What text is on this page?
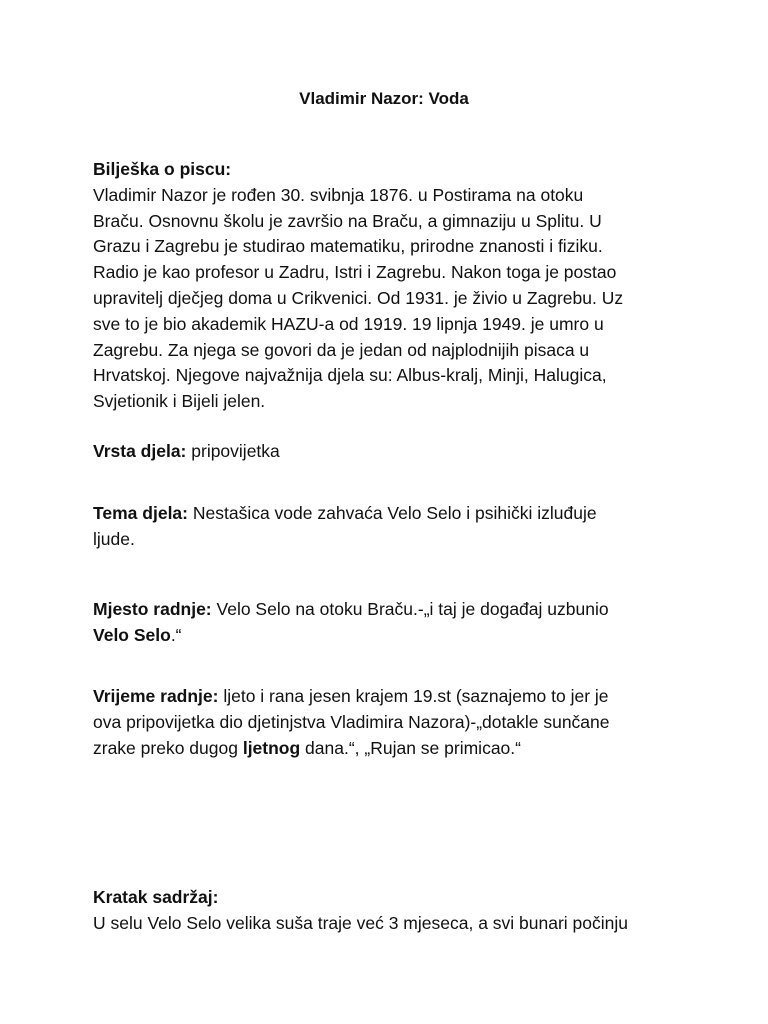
Vladimir Nazor: Voda
Bilješka o piscu:
Vladimir Nazor je rođen 30. svibnja 1876. u Postirama na otoku
Braču. Osnovnu školu je završio na Braču, a gimnaziju u Splitu. U
Grazu i Zagrebu je studirao matematiku, prirodne znanosti i fiziku.
Radio je kao profesor u Zadru, Istri i Zagrebu. Nakon toga je postao
upravitelj dječjeg doma u Crikvenici. Od 1931. je živio u Zagrebu. Uz
sve to je bio akademik HAZU-a od 1919. 19 lipnja 1949. je umro u
Zagrebu. Za njega se govori da je jedan od najplodnijih pisaca u
Hrvatskoj. Njegove najvažnija djela su: Albus-kralj, Minji, Halugica,
Svjetionik i Bijeli jelen.
Vrsta djela: pripovijetka
Tema djela: Nestašica vode zahvaća Velo Selo i psihički izluđuje
ljude.
Mjesto radnje: Velo Selo na otoku Braču.-„i taj je događaj uzbunio
Velo Selo.“
Vrijeme radnje: ljeto i rana jesen krajem 19.st (saznajemo to jer je
ova pripovijetka dio djetinjstva Vladimira Nazora)-„dotakle sunčane
zrake preko dugog ljetnog dana.“, „Rujan se primicao.“
Kratak sadržaj:
U selu Velo Selo velika suša traje već 3 mjeseca, a svi bunari počinju
